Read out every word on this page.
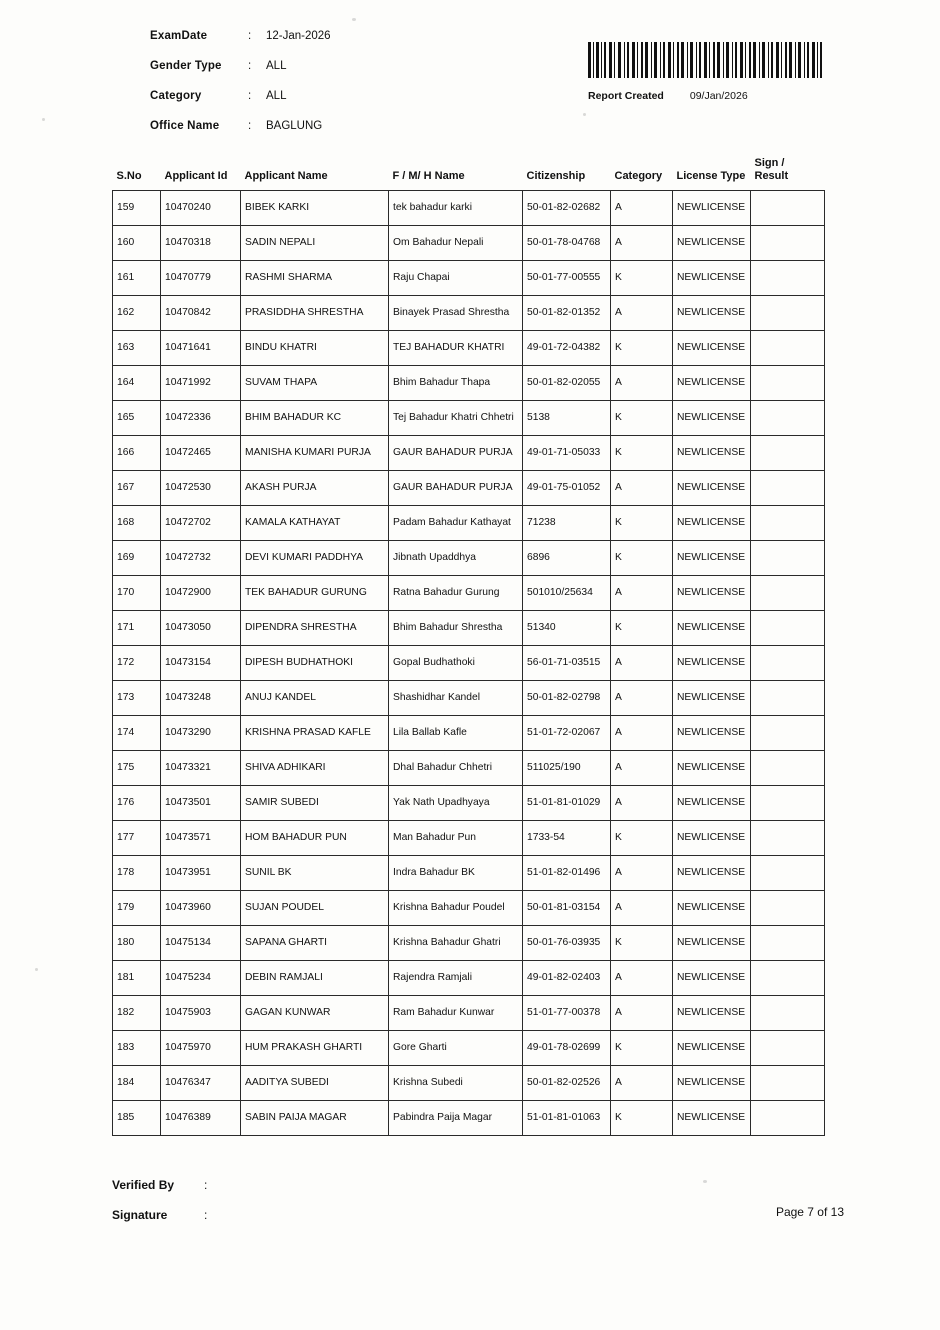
ExamDate	:	12-Jan-2026
Gender Type	:	ALL
Category	:	ALL
Office Name	:	BAGLUNG
Report Created 09/Jan/2026
S.No	Applicant Id	Applicant Name	F / M/ H Name	Citizenship	Category	License Type	Sign / Result
159	10470240	BIBEK KARKI	tek bahadur karki	50-01-82-02682	A	NEWLICENSE	
160	10470318	SADIN NEPALI	Om Bahadur Nepali	50-01-78-04768	A	NEWLICENSE	
161	10470779	RASHMI SHARMA	Raju Chapai	50-01-77-00555	K	NEWLICENSE	
162	10470842	PRASIDDHA SHRESTHA	Binayek Prasad Shrestha	50-01-82-01352	A	NEWLICENSE	
163	10471641	BINDU KHATRI	TEJ BAHADUR KHATRI	49-01-72-04382	K	NEWLICENSE	
164	10471992	SUVAM THAPA	Bhim Bahadur Thapa	50-01-82-02055	A	NEWLICENSE	
165	10472336	BHIM BAHADUR KC	Tej Bahadur Khatri Chhetri	5138	K	NEWLICENSE	
166	10472465	MANISHA KUMARI PURJA	GAUR BAHADUR PURJA	49-01-71-05033	K	NEWLICENSE	
167	10472530	AKASH PURJA	GAUR BAHADUR PURJA	49-01-75-01052	A	NEWLICENSE	
168	10472702	KAMALA KATHAYAT	Padam Bahadur Kathayat	71238	K	NEWLICENSE	
169	10472732	DEVI KUMARI PADDHYA	Jibnath Upaddhya	6896	K	NEWLICENSE	
170	10472900	TEK BAHADUR GURUNG	Ratna Bahadur Gurung	501010/25634	A	NEWLICENSE	
171	10473050	DIPENDRA SHRESTHA	Bhim Bahadur Shrestha	51340	K	NEWLICENSE	
172	10473154	DIPESH BUDHATHOKI	Gopal Budhathoki	56-01-71-03515	A	NEWLICENSE	
173	10473248	ANUJ KANDEL	Shashidhar Kandel	50-01-82-02798	A	NEWLICENSE	
174	10473290	KRISHNA PRASAD KAFLE	Lila Ballab Kafle	51-01-72-02067	A	NEWLICENSE	
175	10473321	SHIVA ADHIKARI	Dhal Bahadur Chhetri	511025/190	A	NEWLICENSE	
176	10473501	SAMIR SUBEDI	Yak Nath Upadhyaya	51-01-81-01029	A	NEWLICENSE	
177	10473571	HOM BAHADUR PUN	Man Bahadur Pun	1733-54	K	NEWLICENSE	
178	10473951	SUNIL BK	Indra Bahadur BK	51-01-82-01496	A	NEWLICENSE	
179	10473960	SUJAN POUDEL	Krishna Bahadur Poudel	50-01-81-03154	A	NEWLICENSE	
180	10475134	SAPANA GHARTI	Krishna Bahadur Ghatri	50-01-76-03935	K	NEWLICENSE	
181	10475234	DEBIN RAMJALI	Rajendra Ramjali	49-01-82-02403	A	NEWLICENSE	
182	10475903	GAGAN KUNWAR	Ram Bahadur Kunwar	51-01-77-00378	A	NEWLICENSE	
183	10475970	HUM PRAKASH GHARTI	Gore Gharti	49-01-78-02699	K	NEWLICENSE	
184	10476347	AADITYA SUBEDI	Krishna Subedi	50-01-82-02526	A	NEWLICENSE	
185	10476389	SABIN PAIJA MAGAR	Pabindra Paija Magar	51-01-81-01063	K	NEWLICENSE	
Verified By	:
Signature	:	Page 7 of 13
